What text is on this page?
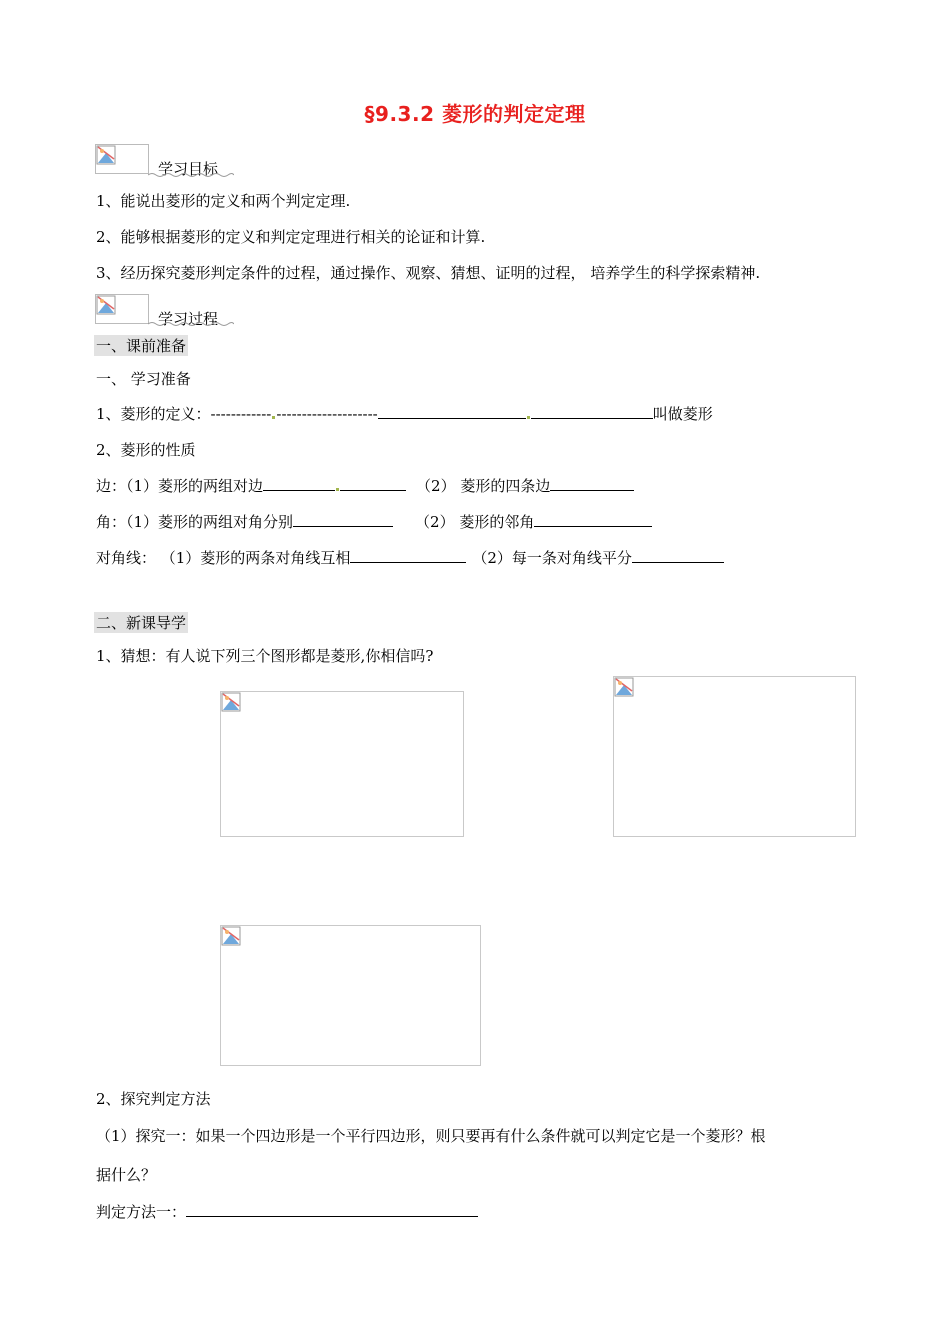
§9.3.2 菱形的判定定理
学习目标
1、能说出菱形的定义和两个判定定理.
2、能够根据菱形的定义和判定定理进行相关的论证和计算.
3、经历探究菱形判定条件的过程，通过操作、观察、猜想、证明的过程， 培养学生的科学探索精神.
学习过程
一、课前准备
一、 学习准备
1、菱形的定义：------------ --------------------	叫做菱形
2、菱形的性质
边：（1）菱形的两组对边	（2） 菱形的四条边
角：（1）菱形的两组对角分别	（2） 菱形的邻角
对角线： （1）菱形的两条对角线互相	（2）每一条对角线平分
二、新课导学
1、猜想：有人说下列三个图形都是菱形,你相信吗?
2、探究判定方法
（1）探究一：如果一个四边形是一个平行四边形，则只要再有什么条件就可以判定它是一个菱形？根
据什么？
判定方法一：
